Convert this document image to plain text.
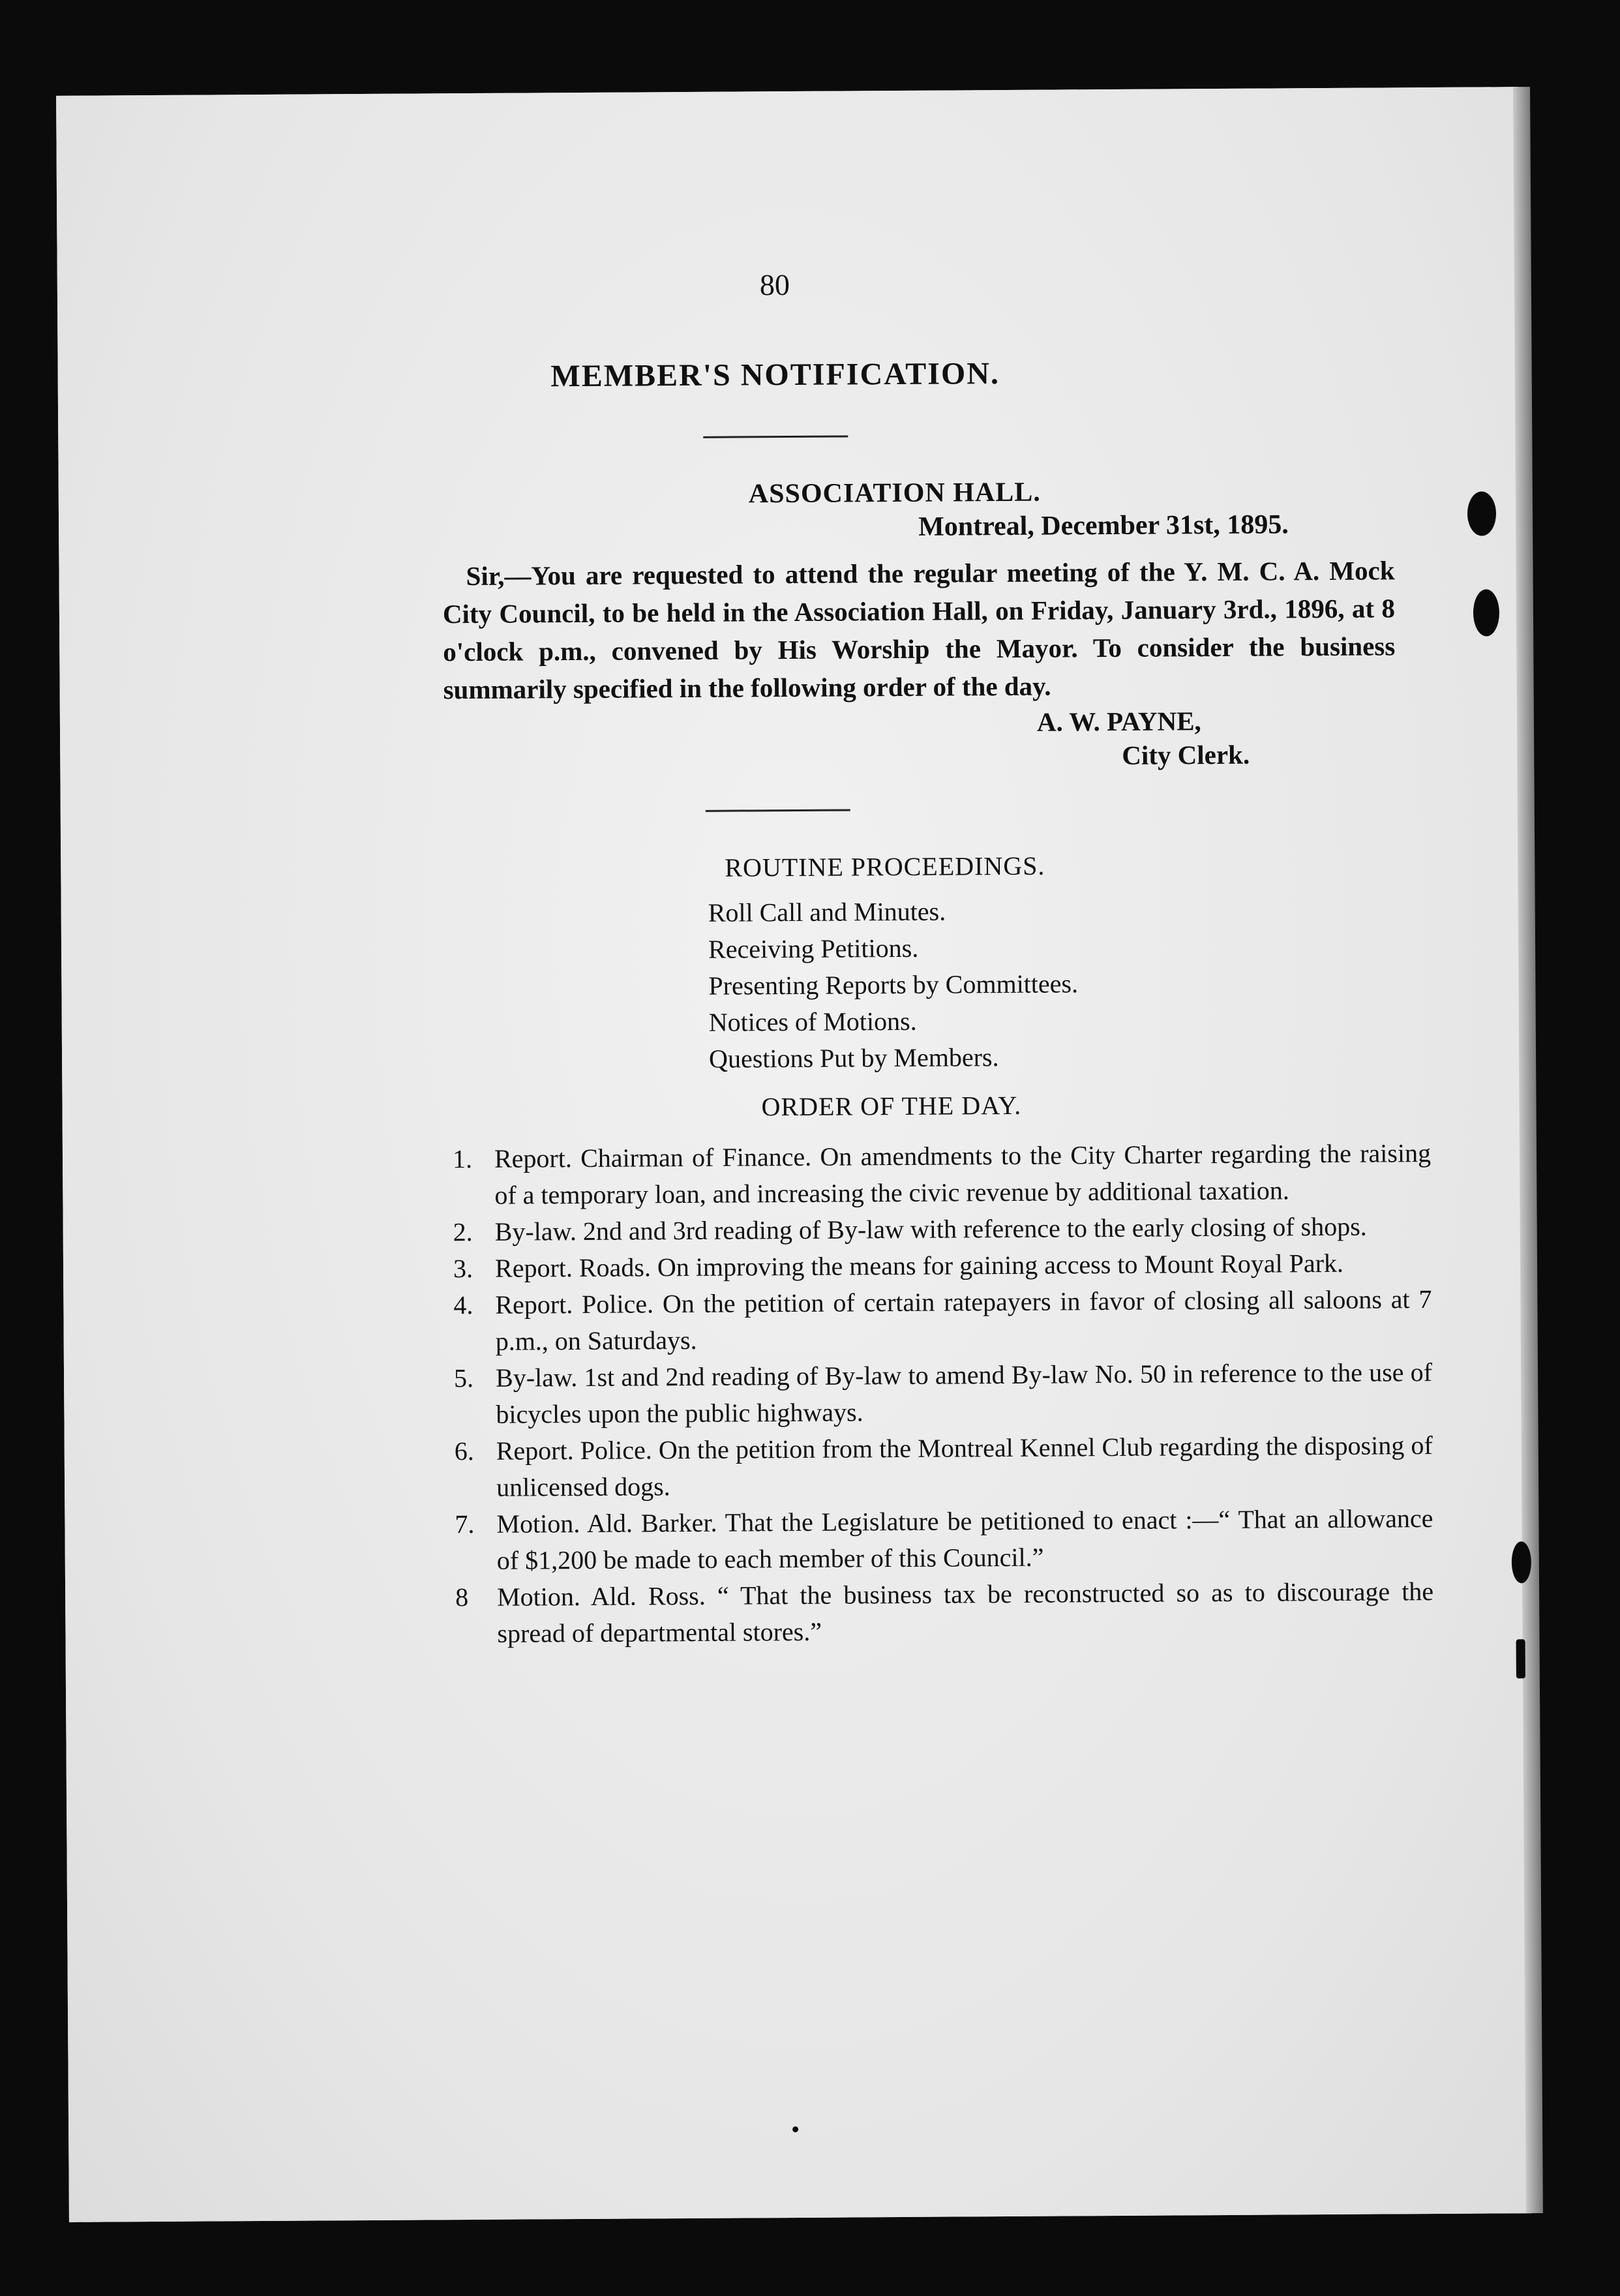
80

MEMBER'S NOTIFICATION.
ASSOCIATION HALL.
Montreal, December 31st, 1895.

Sir,—You are requested to attend the regular meeting of the Y. M. C. A. Mock City Council, to be held in the Association Hall, on Friday, January 3rd., 1896, at 8 o'clock p.m., convened by His Worship the Mayor. To consider the business summarily specified in the following order of the day.

A. W. PAYNE,
City Clerk.
ROUTINE PROCEEDINGS.
Roll Call and Minutes.
Receiving Petitions.
Presenting Reports by Committees.
Notices of Motions.
Questions Put by Members.
ORDER OF THE DAY.
1. Report. Chairman of Finance. On amendments to the City Charter regarding the raising of a temporary loan, and increasing the civic revenue by additional taxation.
2. By-law. 2nd and 3rd reading of By-law with reference to the early closing of shops.
3. Report. Roads. On improving the means for gaining access to Mount Royal Park.
4. Report. Police. On the petition of certain ratepayers in favor of closing all saloons at 7 p.m., on Saturdays.
5. By-law. 1st and 2nd reading of By-law to amend By-law No. 50 in reference to the use of bicycles upon the public highways.
6. Report. Police. On the petition from the Montreal Kennel Club regarding the disposing of unlicensed dogs.
7. Motion. Ald. Barker. That the Legislature be petitioned to enact :—“ That an allowance of $1,200 be made to each member of this Council.”
8 Motion. Ald. Ross. “ That the business tax be reconstructed so as to discourage the spread of departmental stores.”
